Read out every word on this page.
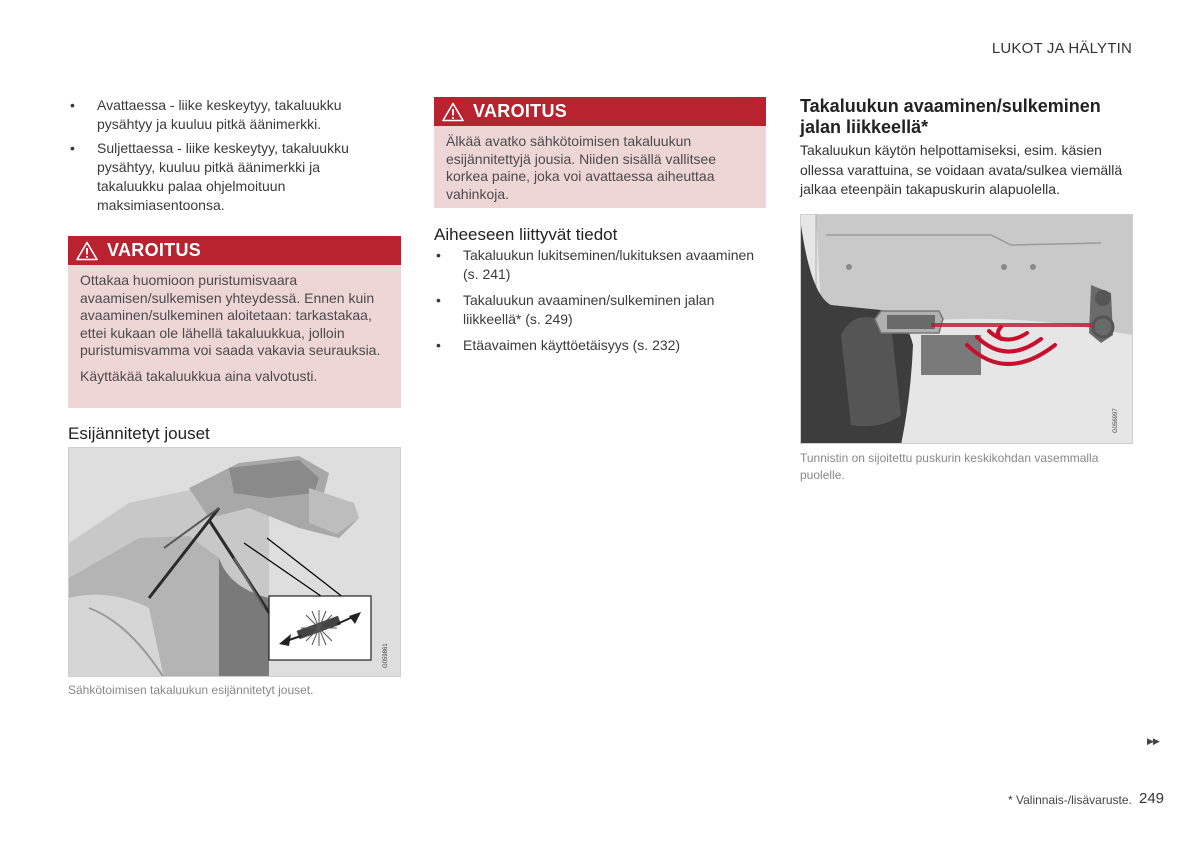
LUKOT JA HÄLYTIN
• Avattaessa - liike keskeytyy, takaluukku pysähtyy ja kuuluu pitkä äänimerkki.
• Suljettaessa - liike keskeytyy, takaluukku pysähtyy, kuuluu pitkä äänimerkki ja takaluukku palaa ohjelmoituun maksimiasentoonsa.
VAROITUS

Ottakaa huomioon puristumisvaara avaamisen/sulkemisen yhteydessä. Ennen kuin avaaminen/sulkeminen aloitetaan: tarkastakaa, ettei kukaan ole lähellä takaluukkua, jolloin puristumisvamma voi saada vakavia seurauksia.

Käyttäkää takaluukkua aina valvotusti.

Esijännitetyt jouset
G059861
Sähkötoimisen takaluukun esijännitetyt jouset.
VAROITUS

Älkää avatko sähkötoimisen takaluukun esijännitettyjä jousia. Niiden sisällä vallitsee korkea paine, joka voi avattaessa aiheuttaa vahinkoja.

Aiheeseen liittyvät tiedot
• Takaluukun lukitseminen/lukituksen avaaminen (s. 241)
• Takaluukun avaaminen/sulkeminen jalan liikkeellä* (s. 249)
• Etäavaimen käyttöetäisyys (s. 232)
Takaluukun avaaminen/sulkeminen jalan liikkeellä*
Takaluukun käytön helpottamiseksi, esim. käsien ollessa varattuina, se voidaan avata/sulkea viemällä jalkaa eteenpäin takapuskurin alapuolella.
G056997
Tunnistin on sijoitettu puskurin keskikohdan vasemmalla puolelle.
▶▶
* Valinnais-/lisävaruste. 249
